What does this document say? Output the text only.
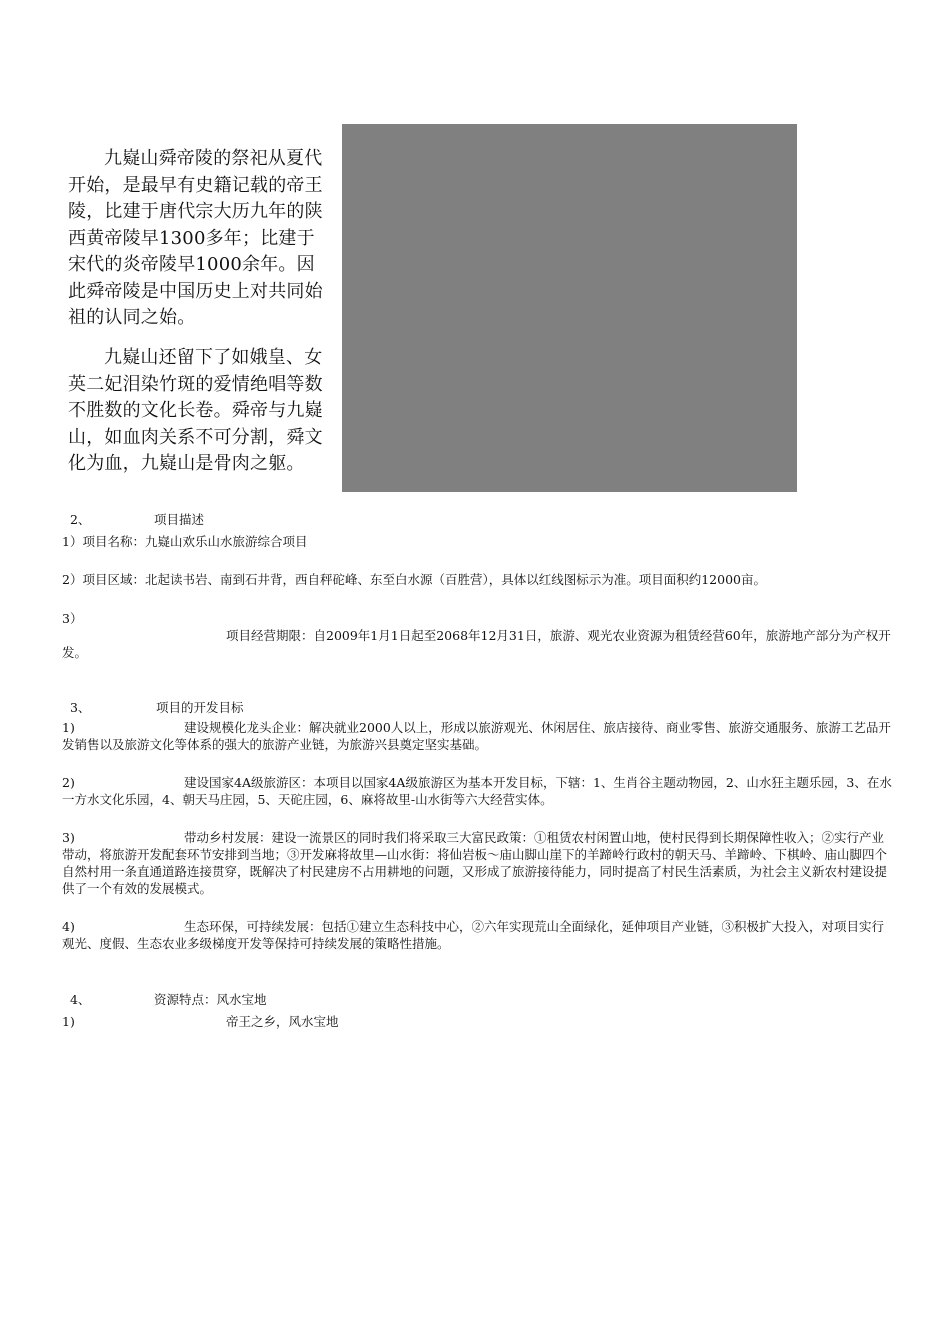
九嶷山舜帝陵的祭祀从夏代开始，是最早有史籍记载的帝王陵，比建于唐代宗大历九年的陕西黄帝陵早1300多年；比建于宋代的炎帝陵早1000余年。因此舜帝陵是中国历史上对共同始祖的认同之始。

九嶷山还留下了如娥皇、女英二妃泪染竹斑的爱情绝唱等数不胜数的文化长卷。舜帝与九嶷山，如血肉关系不可分割，舜文化为血，九嶷山是骨肉之躯。

2、	项目描述

1）项目名称：九嶷山欢乐山水旅游综合项目

2）项目区域：北起读书岩、南到石井背，西自秤砣峰、东至白水源（百胜营），具体以红线图标示为准。项目面积约12000亩。

3）

项目经营期限：自2009年1月1日起至2068年12月31日，旅游、观光农业资源为租赁经营60年，旅游地产部分为产权开发。

3、	项目的开发目标

1)	建设规模化龙头企业：解决就业2000人以上，形成以旅游观光、休闲居住、旅店接待、商业零售、旅游交通服务、旅游工艺品开发销售以及旅游文化等体系的强大的旅游产业链，为旅游兴县奠定坚实基础。

2)	建设国家4A级旅游区：本项目以国家4A级旅游区为基本开发目标，下辖：1、生肖谷主题动物园，2、山水狂主题乐园，3、在水一方水文化乐园，4、朝天马庄园，5、天砣庄园，6、麻将故里-山水街等六大经营实体。

3)	带动乡村发展：建设一流景区的同时我们将采取三大富民政策：①租赁农村闲置山地，使村民得到长期保障性收入；②实行产业带动，将旅游开发配套环节安排到当地；③开发麻将故里—山水街：将仙岩板～庙山脚山崖下的羊蹄岭行政村的朝天马、羊蹄岭、下棋岭、庙山脚四个自然村用一条直通道路连接贯穿，既解决了村民建房不占用耕地的问题，又形成了旅游接待能力，同时提高了村民生活素质，为社会主义新农村建设提供了一个有效的发展模式。

4)	生态环保，可持续发展：包括①建立生态科技中心，②六年实现荒山全面绿化，延伸项目产业链，③积极扩大投入，对项目实行观光、度假、生态农业多级梯度开发等保持可持续发展的策略性措施。

4、	资源特点：风水宝地

1)	帝王之乡，风水宝地
